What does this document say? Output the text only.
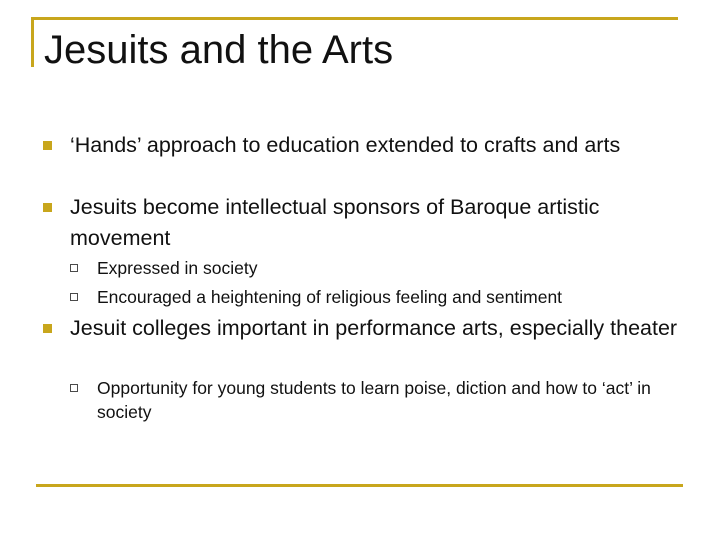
Jesuits and the Arts
‘Hands’ approach to education extended to crafts and arts
Jesuits become intellectual sponsors of Baroque artistic movement
Expressed in society
Encouraged a heightening of religious feeling and sentiment
Jesuit colleges important in performance arts, especially theater
Opportunity for young students to learn poise, diction and how to ‘act’ in society
